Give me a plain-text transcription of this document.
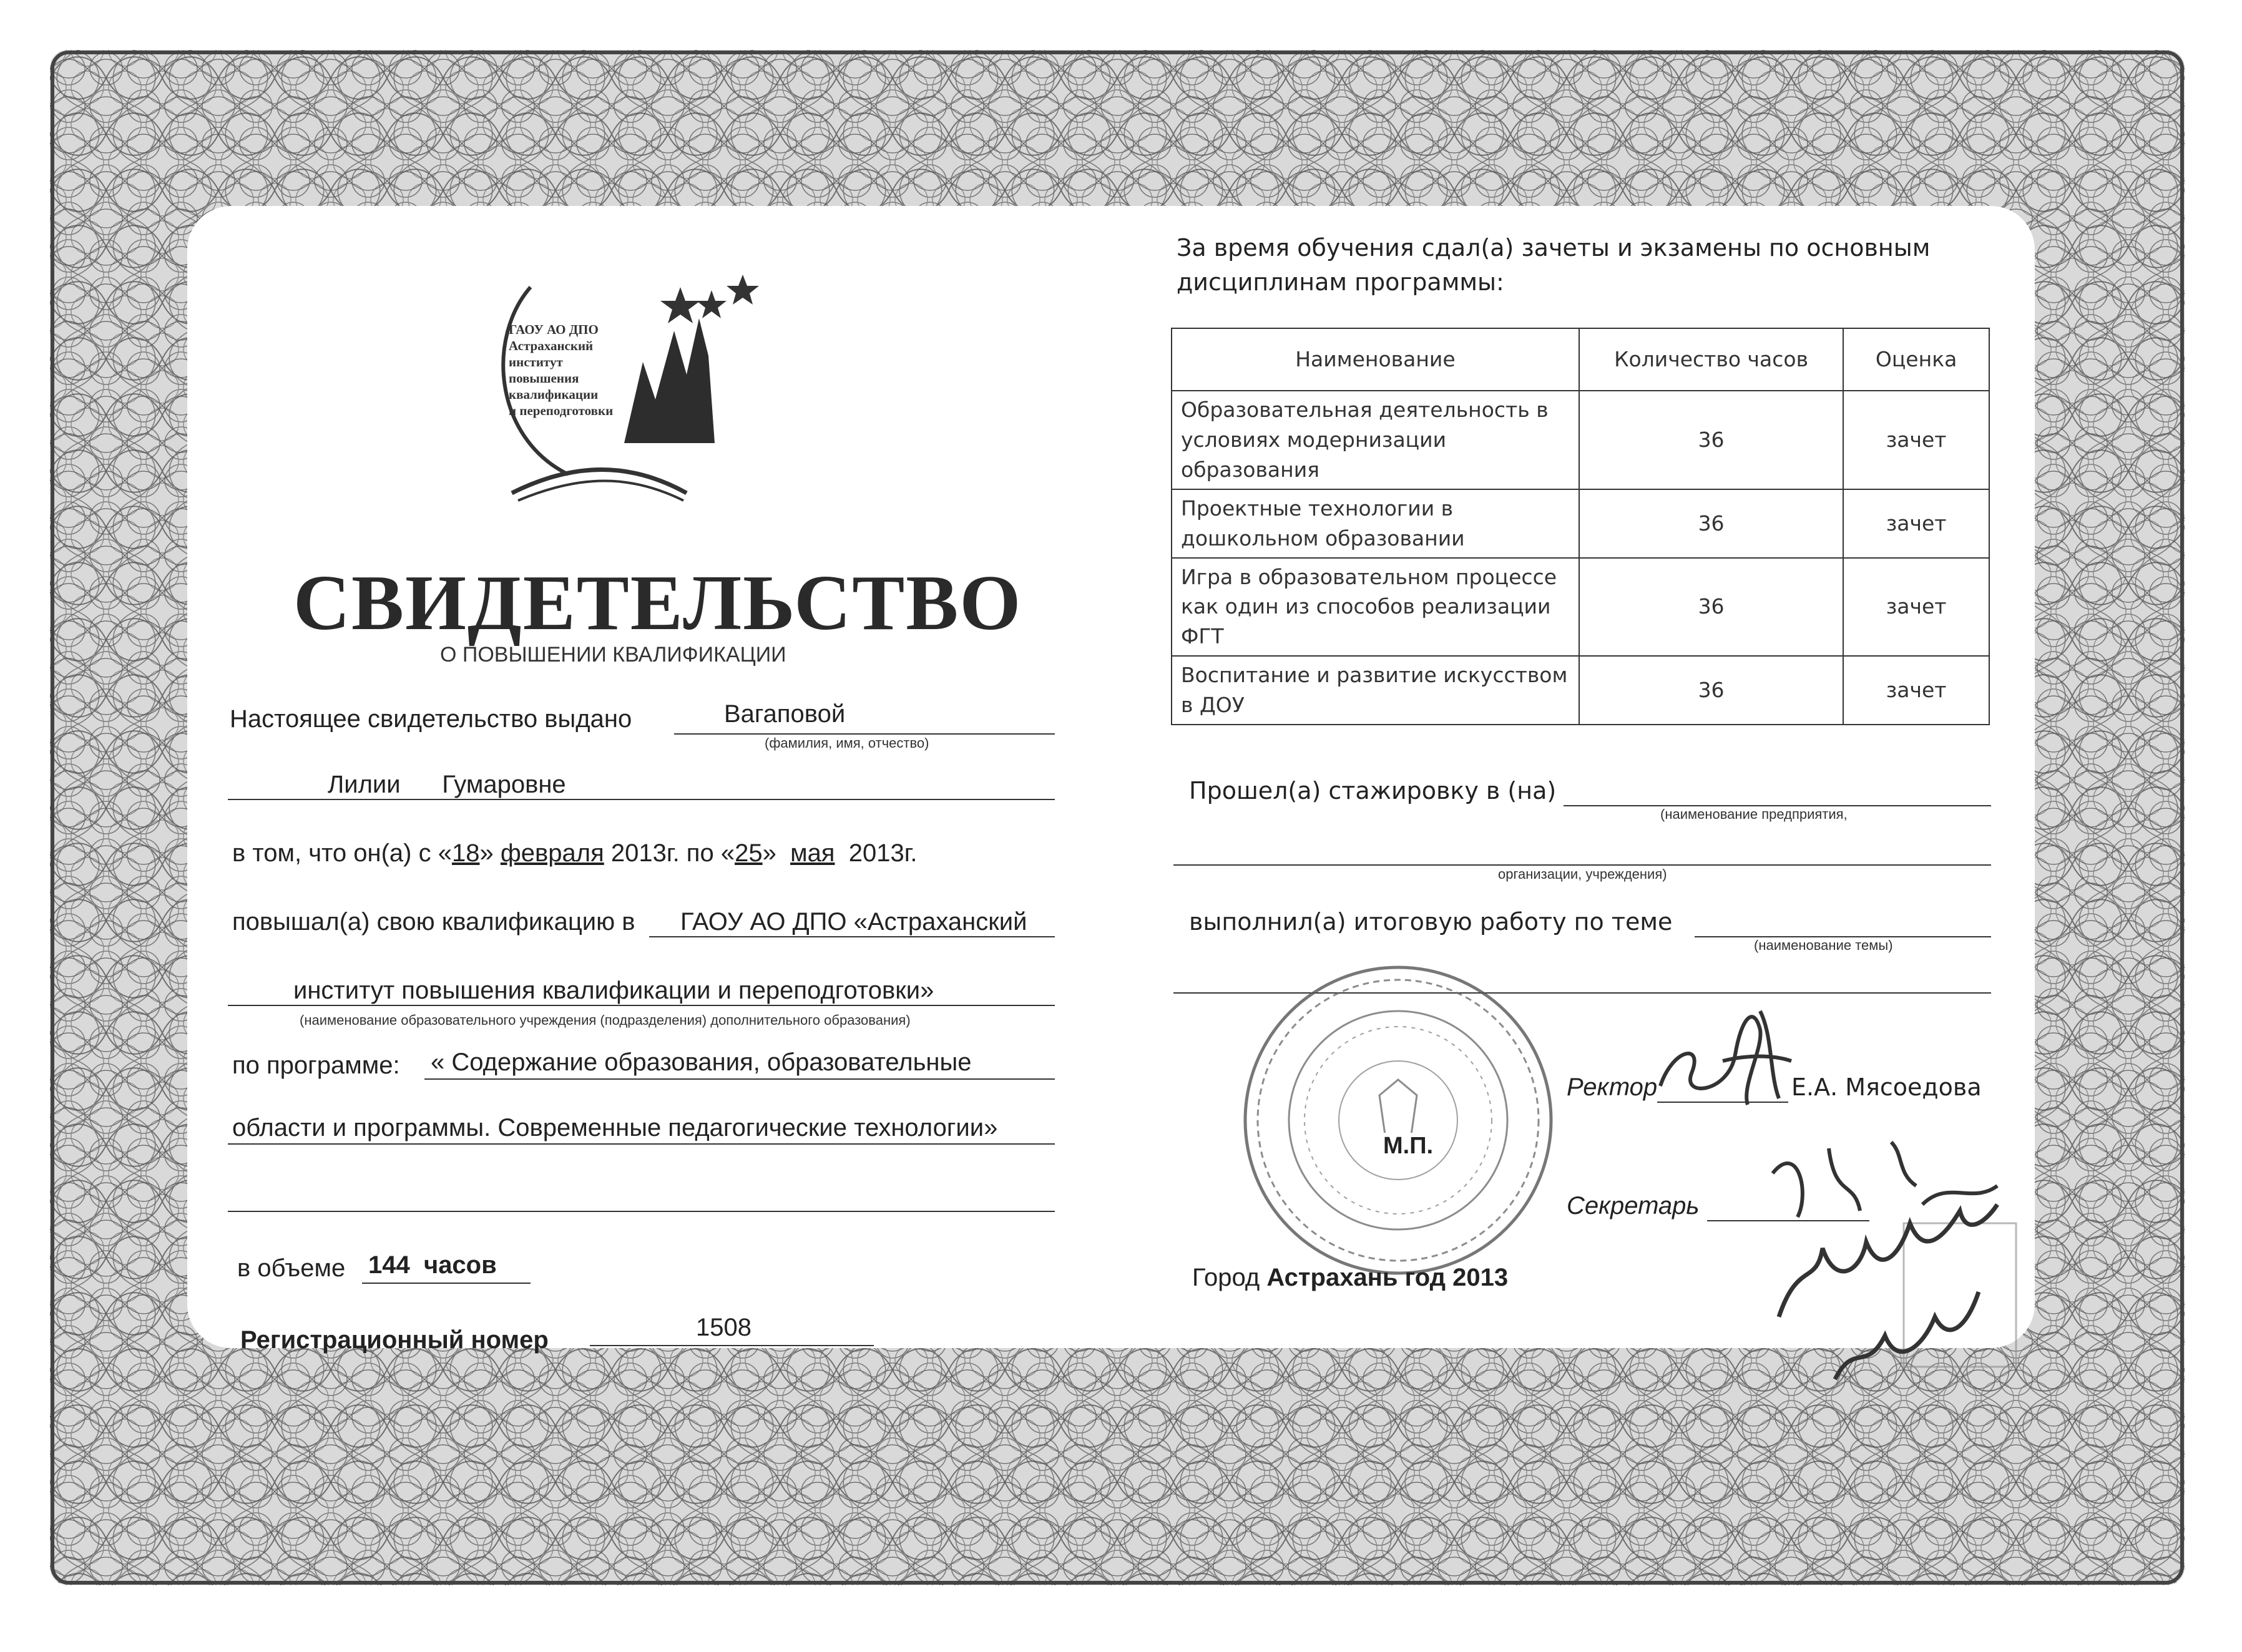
ГАОУ АО ДПО
Астраханский
институт
повышения
квалификации
и переподготовки
СВИДЕТЕЛЬСТВО
О ПОВЫШЕНИИ КВАЛИФИКАЦИИ
Настоящее свидетельство выдано	Вагаповой
(фамилия, имя, отчество)
Лилии      Гумаровне
в том, что он(а) с «18» февраля 2013г. по «25» мая 2013г.
повышал(а) свою квалификацию в ГАОУ АО ДПО «Астраханский
институт повышения квалификации и переподготовки»
(наименование образовательного учреждения (подразделения) дополнительного образования)
по программе: « Содержание образования, образовательные
области и программы. Современные педагогические технологии»
в объеме 144  часов
Регистрационный номер	1508
За время обучения сдал(а) зачеты и экзамены по основным
дисциплинам программы:
Наименование	Количество часов	Оценка
Образовательная деятельность в условиях модернизации образования	36	зачет
Проектные технологии в дошкольном образовании	36	зачет
Игра в образовательном процессе как один из способов реализации ФГТ	36	зачет
Воспитание и развитие искусством в ДОУ	36	зачет
Прошел(а) стажировку в (на)
(наименование предприятия,
организации, учреждения)
выполнил(а) итоговую работу по теме
(наименование темы)
М.П.
Ректор	Е.А. Мясоедова
Секретарь
Город Астрахань год 2013
